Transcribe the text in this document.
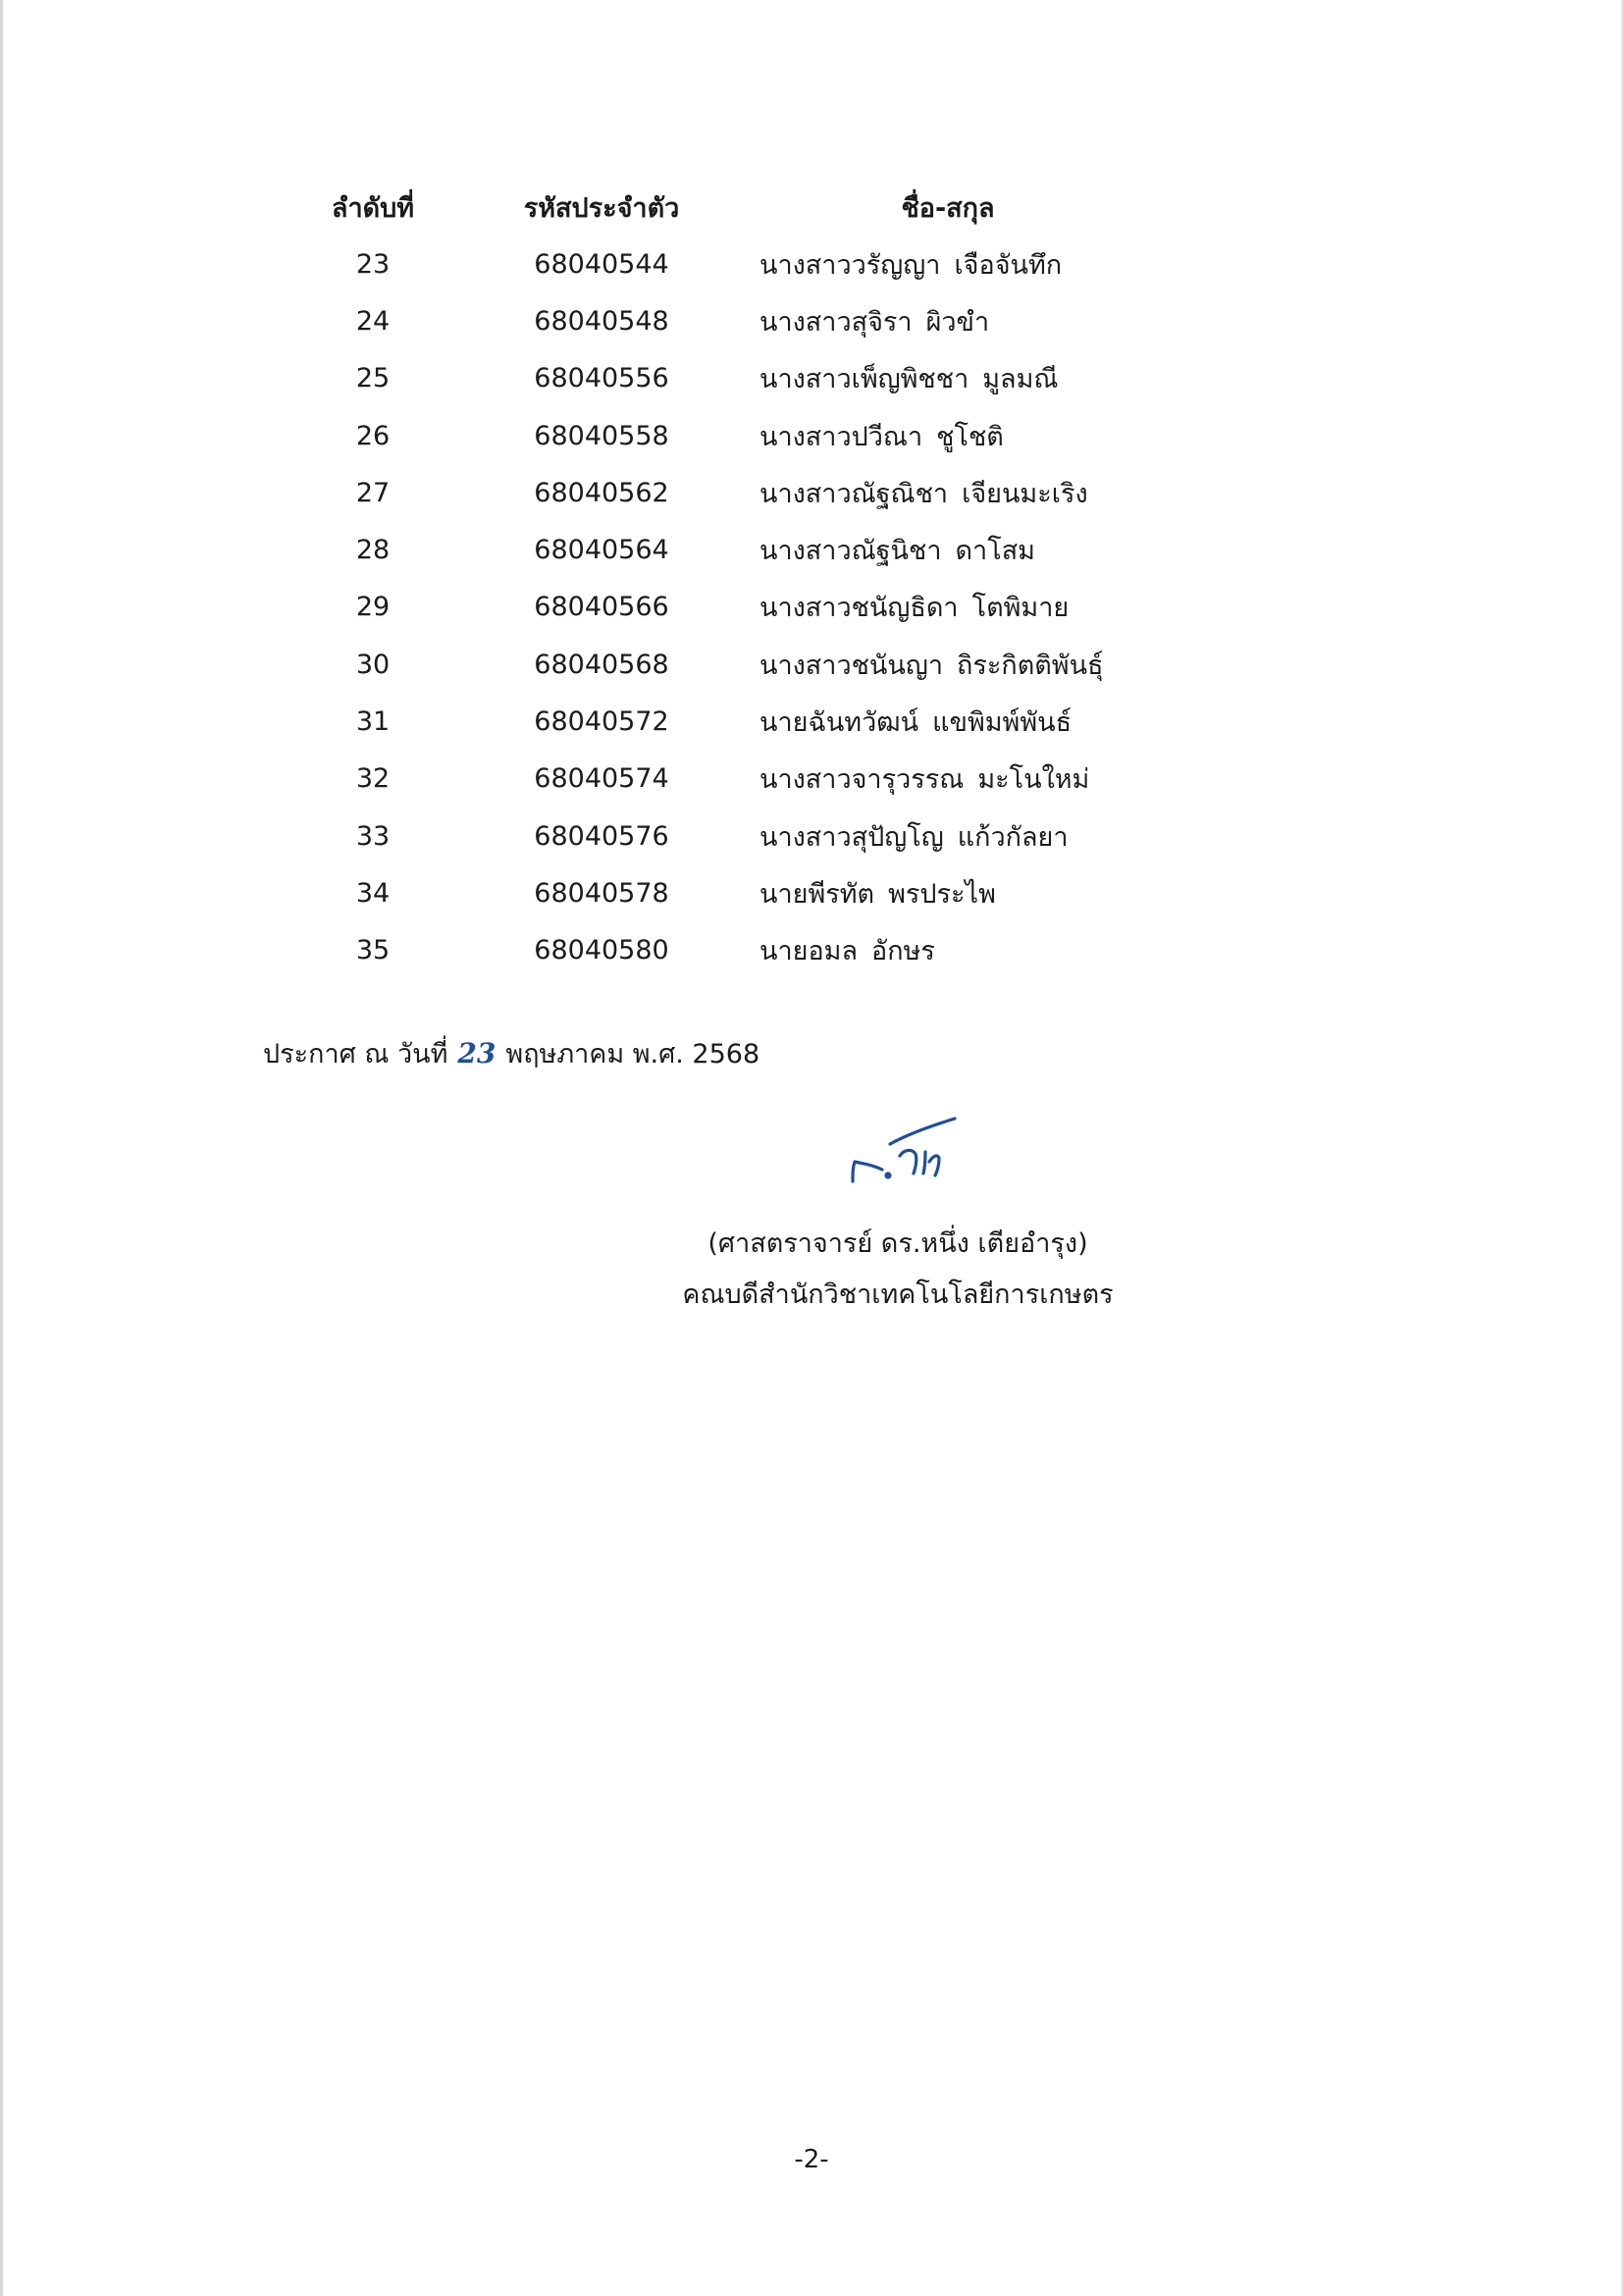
ลำดับที่	รหัสประจำตัว	ชื่อ-สกุล
23	68040544	นางสาววรัญญา เจือจันทึก
24	68040548	นางสาวสุจิรา ผิวขำ
25	68040556	นางสาวเพ็ญพิชชา มูลมณี
26	68040558	นางสาวปวีณา ชูโชติ
27	68040562	นางสาวณัฐณิชา เจียนมะเริง
28	68040564	นางสาวณัฐนิชา ดาโสม
29	68040566	นางสาวชนัญธิดา โตพิมาย
30	68040568	นางสาวชนันญา ถิระกิตติพันธุ์
31	68040572	นายฉันทวัฒน์ แขพิมพ์พันธ์
32	68040574	นางสาวจารุวรรณ มะโนใหม่
33	68040576	นางสาวสุปัญโญ แก้วกัลยา
34	68040578	นายพีรทัต พรประไพ
35	68040580	นายอมล อักษร
ประกาศ ณ วันที่ 23 พฤษภาคม พ.ศ. 2568
(ศาสตราจารย์ ดร.หนึ่ง เตียอำรุง)
คณบดีสำนักวิชาเทคโนโลยีการเกษตร
-2-
